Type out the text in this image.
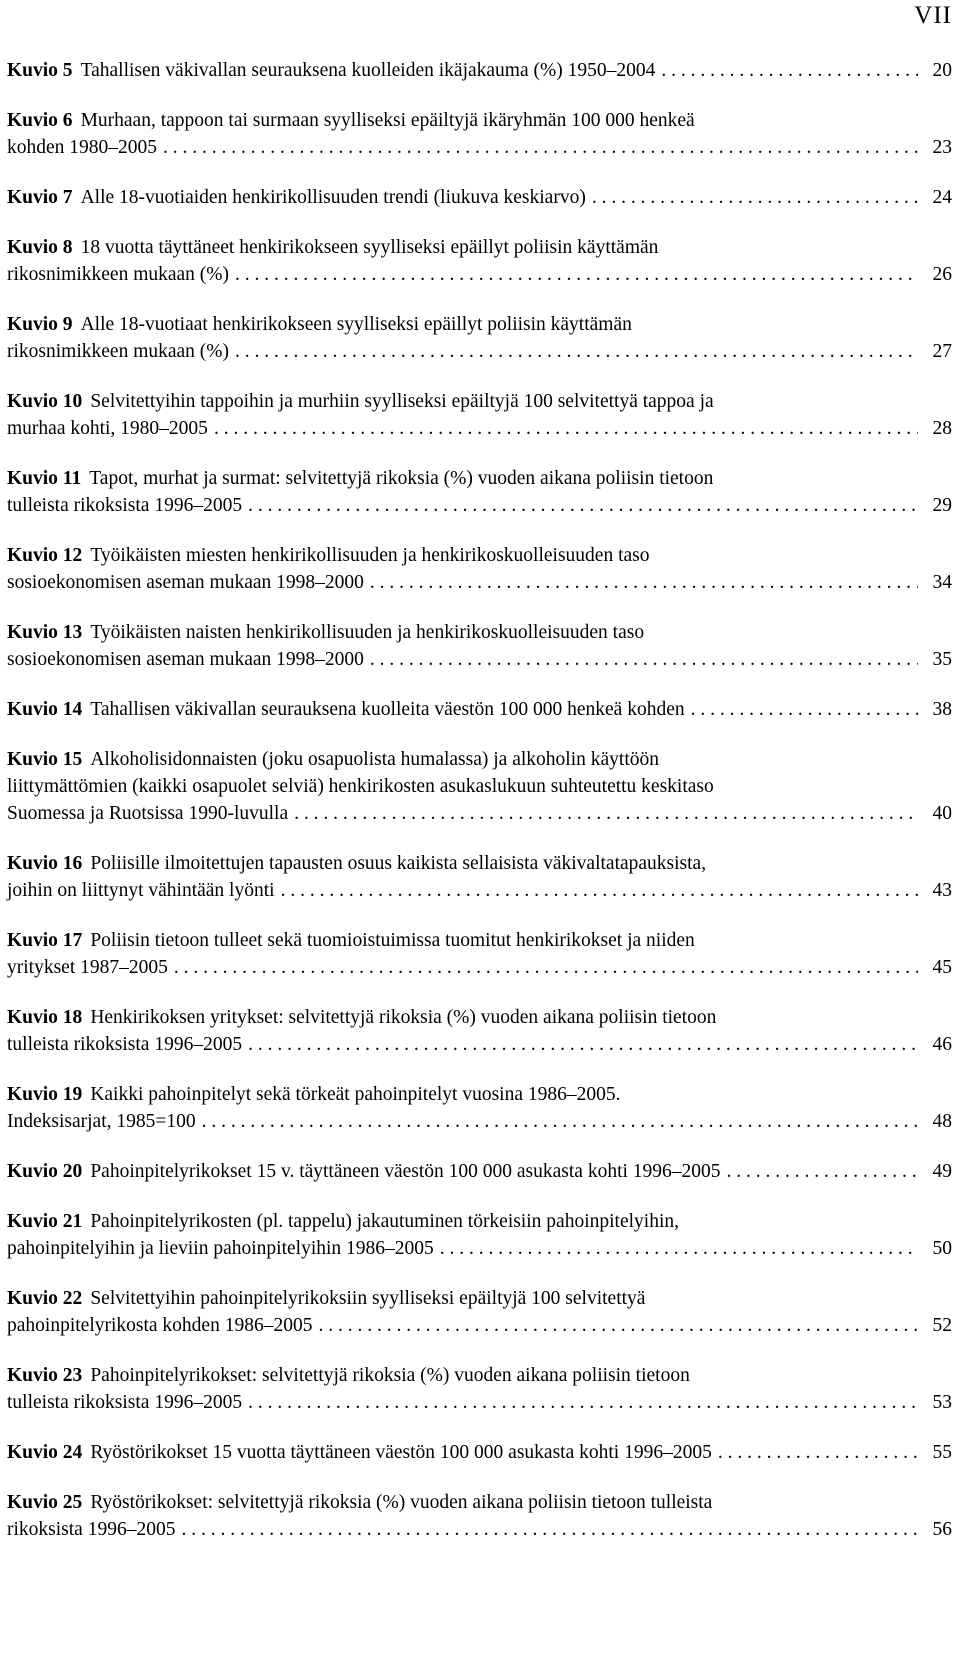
VII
Kuvio 5 Tahallisen väkivallan seurauksena kuolleiden ikäjakauma (%) 1950–2004 . . .	20
Kuvio 6 Murhaan, tappoon tai surmaan syylliseksi epäiltyjä ikäryhmän 100 000 henkeä
kohden 1980–2005 . . .	23
Kuvio 7 Alle 18-vuotiaiden henkirikollisuuden trendi (liukuva keskiarvo) . . .	24
Kuvio 8 18 vuotta täyttäneet henkirikokseen syylliseksi epäillyt poliisin käyttämän
rikosnimikkeen mukaan (%) . . .	26
Kuvio 9 Alle 18-vuotiaat henkirikokseen syylliseksi epäillyt poliisin käyttämän
rikosnimikkeen mukaan (%) . . .	27
Kuvio 10 Selvitettyihin tappoihin ja murhiin syylliseksi epäiltyjä 100 selvitettyä tappoa ja
murhaa kohti, 1980–2005 . . .	28
Kuvio 11 Tapot, murhat ja surmat: selvitettyjä rikoksia (%) vuoden aikana poliisin tietoon
tulleista rikoksista 1996–2005 . . .	29
Kuvio 12 Työikäisten miesten henkirikollisuuden ja henkirikoskuolleisuuden taso
sosioekonomisen aseman mukaan 1998–2000 . . .	34
Kuvio 13 Työikäisten naisten henkirikollisuuden ja henkirikoskuolleisuuden taso
sosioekonomisen aseman mukaan 1998–2000 . . .	35
Kuvio 14 Tahallisen väkivallan seurauksena kuolleita väestön 100 000 henkeä kohden . . .	38
Kuvio 15 Alkoholisidonnaisten (joku osapuolista humalassa) ja alkoholin käyttöön
liittymättömien (kaikki osapuolet selviä) henkirikosten asukaslukuun suhteutettu keskitaso
Suomessa ja Ruotsissa 1990-luvulla . . .	40
Kuvio 16 Poliisille ilmoitettujen tapausten osuus kaikista sellaisista väkivaltatapauksista,
joihin on liittynyt vähintään lyönti . . .	43
Kuvio 17 Poliisin tietoon tulleet sekä tuomioistuimissa tuomitut henkirikokset ja niiden
yritykset 1987–2005 . . .	45
Kuvio 18 Henkirikoksen yritykset: selvitettyjä rikoksia (%) vuoden aikana poliisin tietoon
tulleista rikoksista 1996–2005 . . .	46
Kuvio 19 Kaikki pahoinpitelyt sekä törkeät pahoinpitelyt vuosina 1986–2005.
Indeksisarjat, 1985=100 . . .	48
Kuvio 20 Pahoinpitelyrikokset 15 v. täyttäneen väestön 100 000 asukasta kohti 1996–2005 . . .	49
Kuvio 21 Pahoinpitelyrikosten (pl. tappelu) jakautuminen törkeisiin pahoinpitelyihin,
pahoinpitelyihin ja lieviin pahoinpitelyihin 1986–2005 . . .	50
Kuvio 22 Selvitettyihin pahoinpitelyrikoksiin syylliseksi epäiltyjä 100 selvitettyä
pahoinpitelyrikosta kohden 1986–2005 . . .	52
Kuvio 23 Pahoinpitelyrikokset: selvitettyjä rikoksia (%) vuoden aikana poliisin tietoon
tulleista rikoksista 1996–2005 . . .	53
Kuvio 24 Ryöstörikokset 15 vuotta täyttäneen väestön 100 000 asukasta kohti 1996–2005 . . .	55
Kuvio 25 Ryöstörikokset: selvitettyjä rikoksia (%) vuoden aikana poliisin tietoon tulleista
rikoksista 1996–2005 . . .	56
